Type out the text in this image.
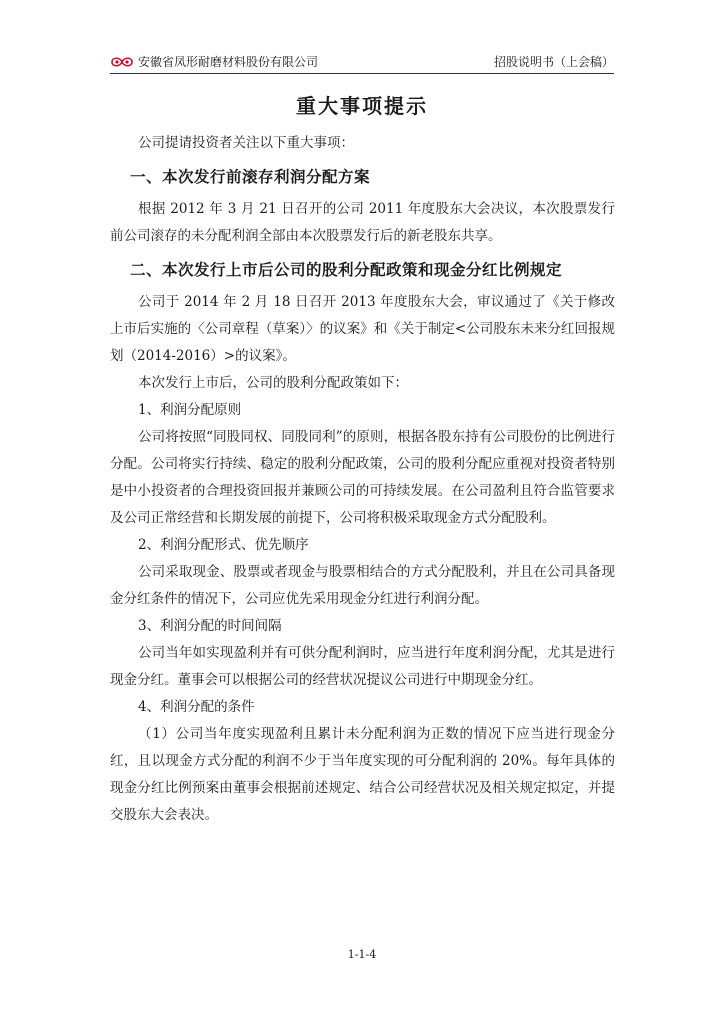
安徽省凤形耐磨材料股份有限公司	招股说明书（上会稿）
重大事项提示

公司提请投资者关注以下重大事项：

一、本次发行前滚存利润分配方案

根据 2012 年 3 月 21 日召开的公司 2011 年度股东大会决议，本次股票发行前公司滚存的未分配利润全部由本次股票发行后的新老股东共享。

二、本次发行上市后公司的股利分配政策和现金分红比例规定

公司于 2014 年 2 月 18 日召开 2013 年度股东大会，审议通过了《关于修改上市后实施的〈公司章程（草案）〉的议案》和《关于制定<公司股东未来分红回报规划（2014-2016）>的议案》。

本次发行上市后，公司的股利分配政策如下：

1、利润分配原则

公司将按照“同股同权、同股同利”的原则，根据各股东持有公司股份的比例进行分配。公司将实行持续、稳定的股利分配政策，公司的股利分配应重视对投资者特别是中小投资者的合理投资回报并兼顾公司的可持续发展。在公司盈利且符合监管要求及公司正常经营和长期发展的前提下，公司将积极采取现金方式分配股利。

2、利润分配形式、优先顺序

公司采取现金、股票或者现金与股票相结合的方式分配股利，并且在公司具备现金分红条件的情况下，公司应优先采用现金分红进行利润分配。

3、利润分配的时间间隔

公司当年如实现盈利并有可供分配利润时，应当进行年度利润分配，尤其是进行现金分红。董事会可以根据公司的经营状况提议公司进行中期现金分红。

4、利润分配的条件

（1）公司当年度实现盈利且累计未分配利润为正数的情况下应当进行现金分红，且以现金方式分配的利润不少于当年度实现的可分配利润的 20%。每年具体的现金分红比例预案由董事会根据前述规定、结合公司经营状况及相关规定拟定，并提交股东大会表决。

1-1-4
